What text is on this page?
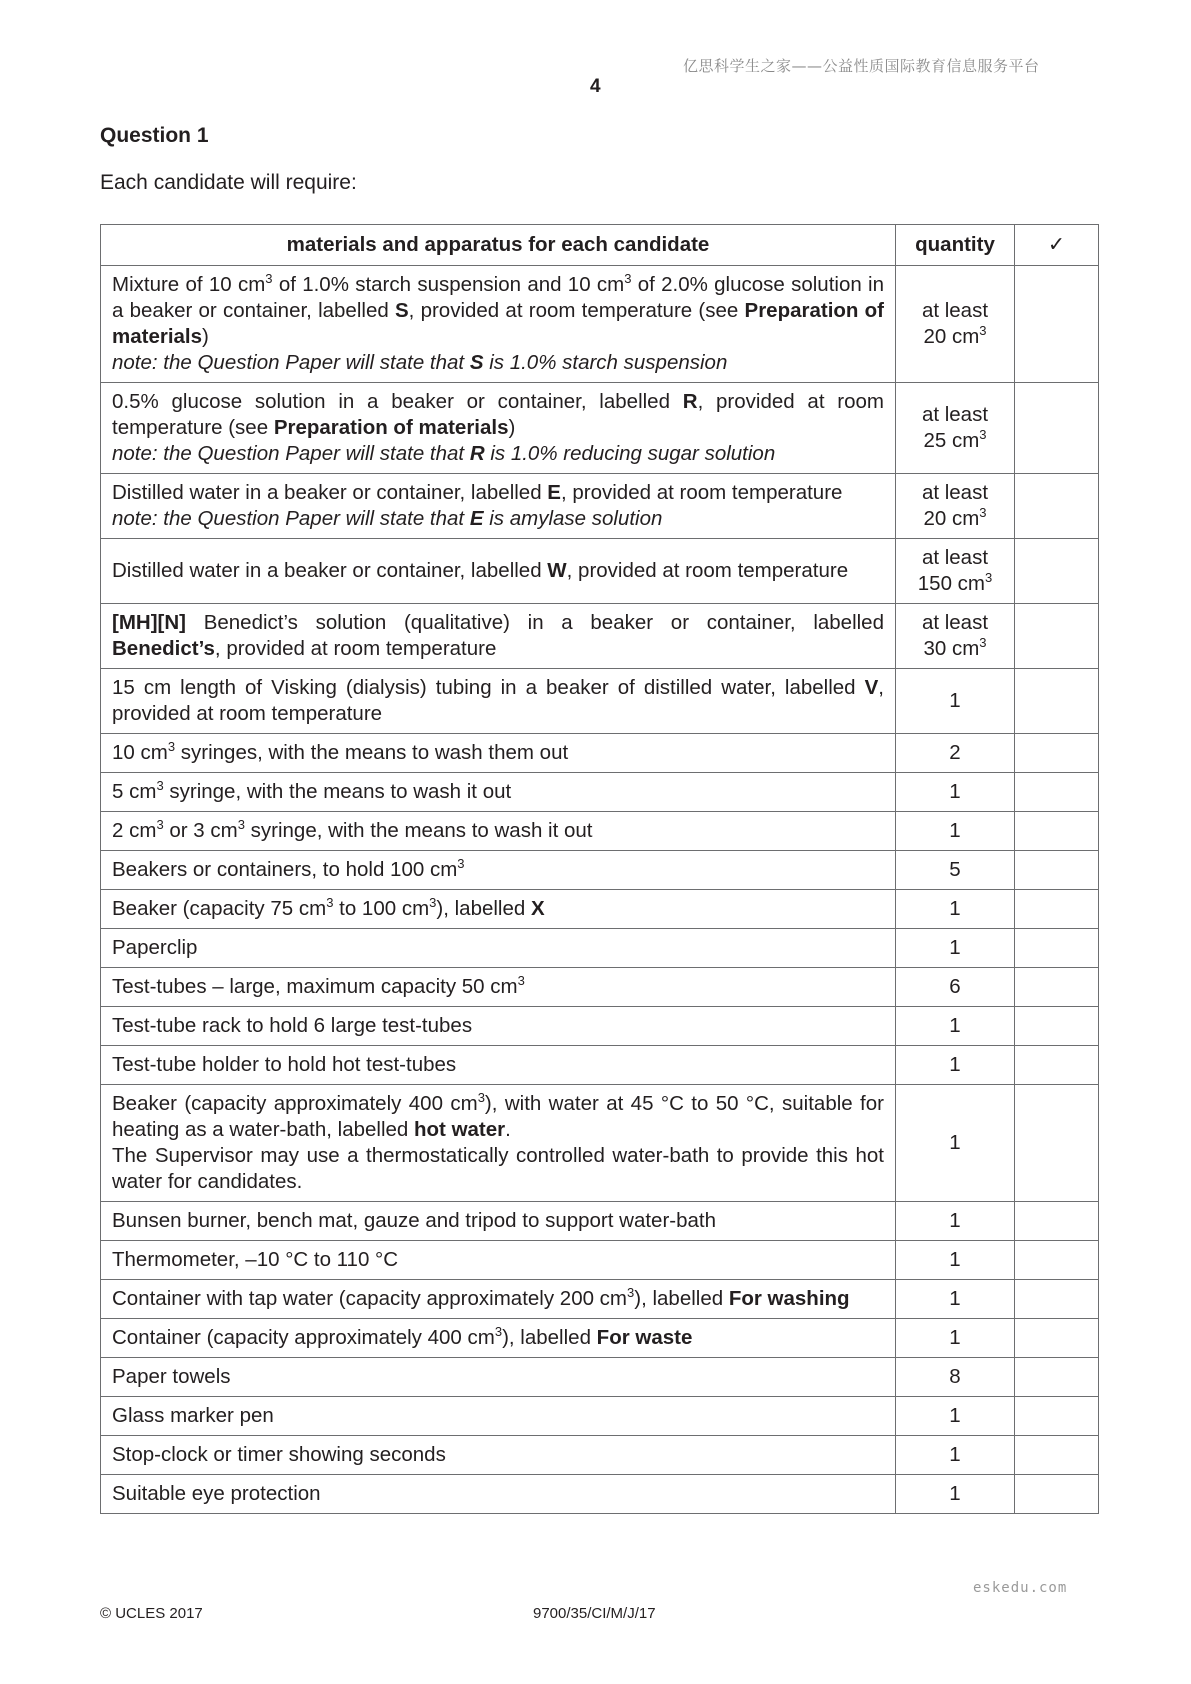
亿思科学生之家——公益性质国际教育信息服务平台
4
Question 1
Each candidate will require:
materials and apparatus for each candidate	quantity	✓
Mixture of 10 $cm^3$ of 1.0% starch suspension and 10 $cm^3$ of 2.0% glucose solution in a beaker or container, labelled S, provided at room temperature (see Preparation of materials)
note: the Question Paper will state that S is 1.0% starch suspension	at least
20 $cm^3$	
0.5% glucose solution in a beaker or container, labelled R, provided at room temperature (see Preparation of materials)
note: the Question Paper will state that R is 1.0% reducing sugar solution	at least
25 $cm^3$	
Distilled water in a beaker or container, labelled E, provided at room temperature
note: the Question Paper will state that E is amylase solution	at least
20 $cm^3$	
Distilled water in a beaker or container, labelled W, provided at room temperature	at least
150 $cm^3$	
[MH][N] Benedict’s solution (qualitative) in a beaker or container, labelled Benedict’s, provided at room temperature	at least
30 $cm^3$	
15 cm length of Visking (dialysis) tubing in a beaker of distilled water, labelled V, provided at room temperature	1	
10 $cm^3$ syringes, with the means to wash them out	2	
5 $cm^3$ syringe, with the means to wash it out	1	
2 $cm^3$ or 3 $cm^3$ syringe, with the means to wash it out	1	
Beakers or containers, to hold 100 $cm^3$	5	
Beaker (capacity 75 $cm^3$ to 100 $cm^3$), labelled X	1	
Paperclip	1	
Test-tubes – large, maximum capacity 50 $cm^3$	6	
Test-tube rack to hold 6 large test-tubes	1	
Test-tube holder to hold hot test-tubes	1	
Beaker (capacity approximately 400 $cm^3$), with water at 45 °C to 50 °C, suitable for heating as a water-bath, labelled hot water.
The Supervisor may use a thermostatically controlled water-bath to provide this hot water for candidates.	1	
Bunsen burner, bench mat, gauze and tripod to support water-bath	1	
Thermometer, –10 °C to 110 °C	1	
Container with tap water (capacity approximately 200 $cm^3$), labelled For washing	1	
Container (capacity approximately 400 $cm^3$), labelled For waste	1	
Paper towels	8	
Glass marker pen	1	
Stop-clock or timer showing seconds	1	
Suitable eye protection	1	
eskedu.com
© UCLES 2017	9700/35/CI/M/J/17
